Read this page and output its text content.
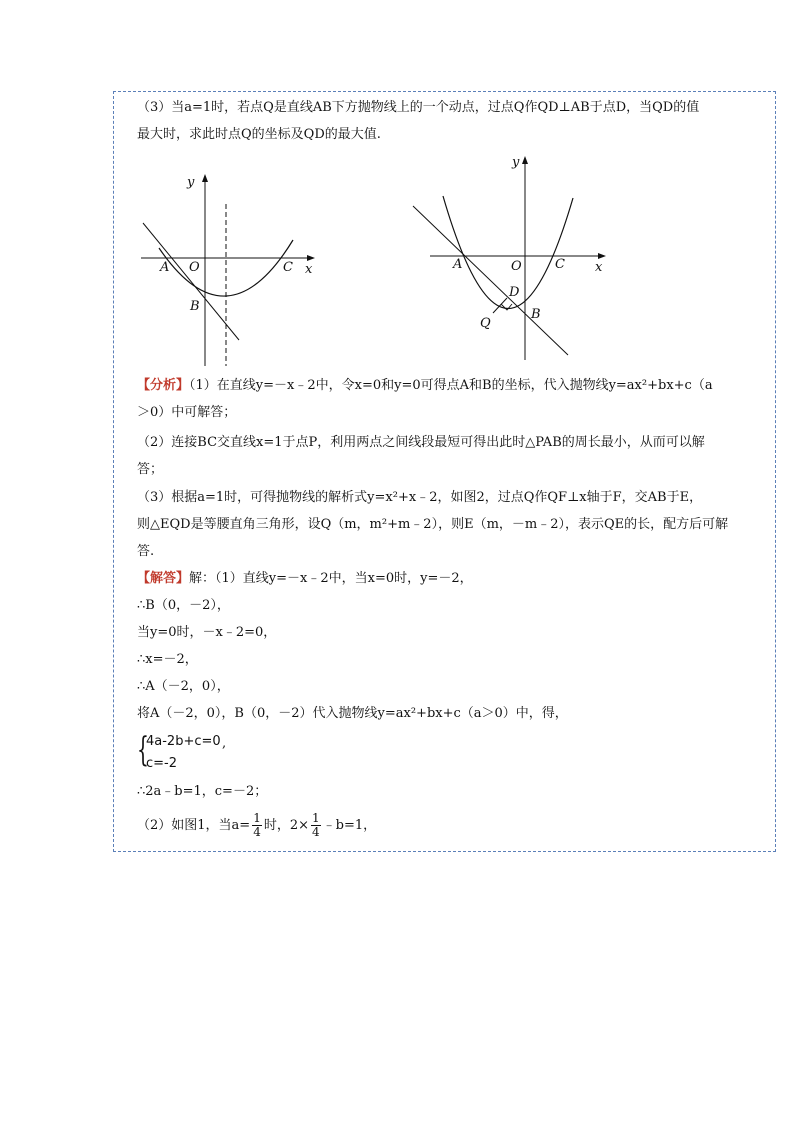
（3）当a=1时，若点Q是直线AB下方抛物线上的一个动点，过点Q作QD⊥AB于点D，当QD的值
最大时，求此时点Q的坐标及QD的最大值.
y
x
A O	C
B
y
x
A	O	C
D
B
Q
【分析】（1）在直线y=－x﹣2中，令x=0和y=0可得点A和B的坐标，代入抛物线y=ax²+bx+c（a
＞0）中可解答；
（2）连接BC交直线x=1于点P，利用两点之间线段最短可得出此时△PAB的周长最小，从而可以解
答；
（3）根据a=1时，可得抛物线的解析式y=x²+x﹣2，如图2，过点Q作QF⊥x轴于F，交AB于E，
则△EQD是等腰直角三角形，设Q（m，m²+m﹣2），则E（m，－m﹣2），表示QE的长，配方后可解
答.
【解答】解：（1）直线y=－x﹣2中，当x=0时，y=－2，
∴B（0，－2），
当y=0时，－x﹣2=0，
∴x=－2，
∴A（－2，0），
将A（－2，0），B（0，－2）代入抛物线y=ax²+bx+c（a＞0）中，得，
{
4a-2b+c=0
c=-2
,
∴2a﹣b=1，c=－2；
（2）如图1，当$a= \frac{1}{4}$ 时，$2\times \frac{1}{4}$ ﹣b=1，
